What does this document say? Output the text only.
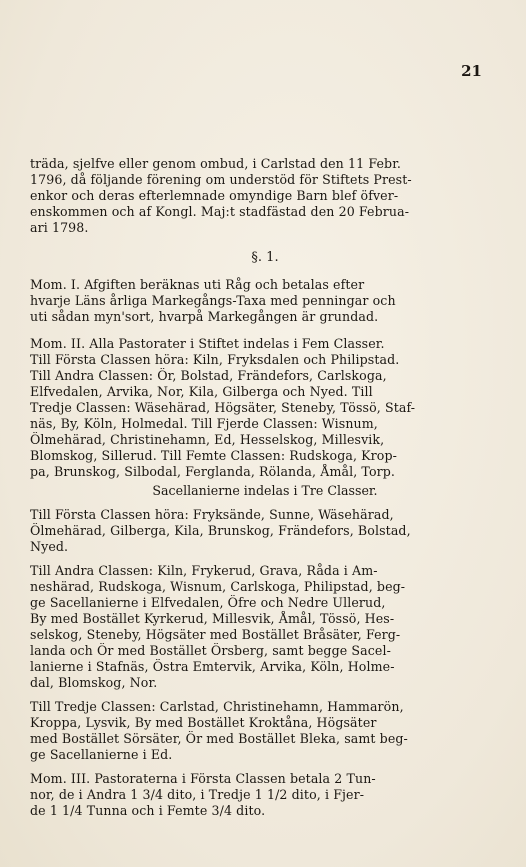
21
träda, sjelfve eller genom ombud, i Carlstad den 11 Febr.
1796, då följande förening om understöd för Stiftets Prest-
enkor och deras efterlemnade omyndige Barn blef öfver-
enskommen och af Kongl. Maj:t stadfästad den 20 Februa-
ari 1798.
§. 1.
Mom. I. Afgiften beräknas uti Råg och betalas efter
hvarje Läns årliga Markegångs-Taxa med penningar och
uti sådan myn'sort, hvarpå Markegången är grundad.
Mom. II. Alla Pastorater i Stiftet indelas i Fem Classer.
Till Första Classen höra: Kiln, Fryksdalen och Philipstad.
Till Andra Classen: Ör, Bolstad, Frändefors, Carlskoga,
Elfvedalen, Arvika, Nor, Kila, Gilberga och Nyed. Till
Tredje Classen: Wäsehärad, Högsäter, Steneby, Tössö, Staf-
näs, By, Köln, Holmedal. Till Fjerde Classen: Wisnum,
Ölmehärad, Christinehamn, Ed, Hesselskog, Millesvik,
Blomskog, Sillerud. Till Femte Classen: Rudskoga, Krop-
pa, Brunskog, Silbodal, Ferglanda, Rölanda, Åmål, Torp.
Sacellanierne indelas i Tre Classer.
Till Första Classen höra: Fryksände, Sunne, Wäsehärad,
Ölmehärad, Gilberga, Kila, Brunskog, Frändefors, Bolstad,
Nyed.
Till Andra Classen: Kiln, Frykerud, Grava, Råda i Am-
neshärad, Rudskoga, Wisnum, Carlskoga, Philipstad, beg-
ge Sacellanierne i Elfvedalen, Öfre och Nedre Ullerud,
By med Bostället Kyrkerud, Millesvik, Åmål, Tössö, Hes-
selskog, Steneby, Högsäter med Bostället Bråsäter, Ferg-
landa och Ör med Bostället Örsberg, samt begge Sacel-
lanierne i Stafnäs, Östra Emtervik, Arvika, Köln, Holme-
dal, Blomskog, Nor.
Till Tredje Classen: Carlstad, Christinehamn, Hammarön,
Kroppa, Lysvik, By med Bostället Kroktåna, Högsäter
med Bostället Sörsäter, Ör med Bostället Bleka, samt beg-
ge Sacellanierne i Ed.
Mom. III. Pastoraterna i Första Classen betala 2 Tun-
nor, de i Andra 1 3/4 dito, i Tredje 1 1/2 dito, i Fjer-
de 1 1/4 Tunna och i Femte 3/4 dito.
